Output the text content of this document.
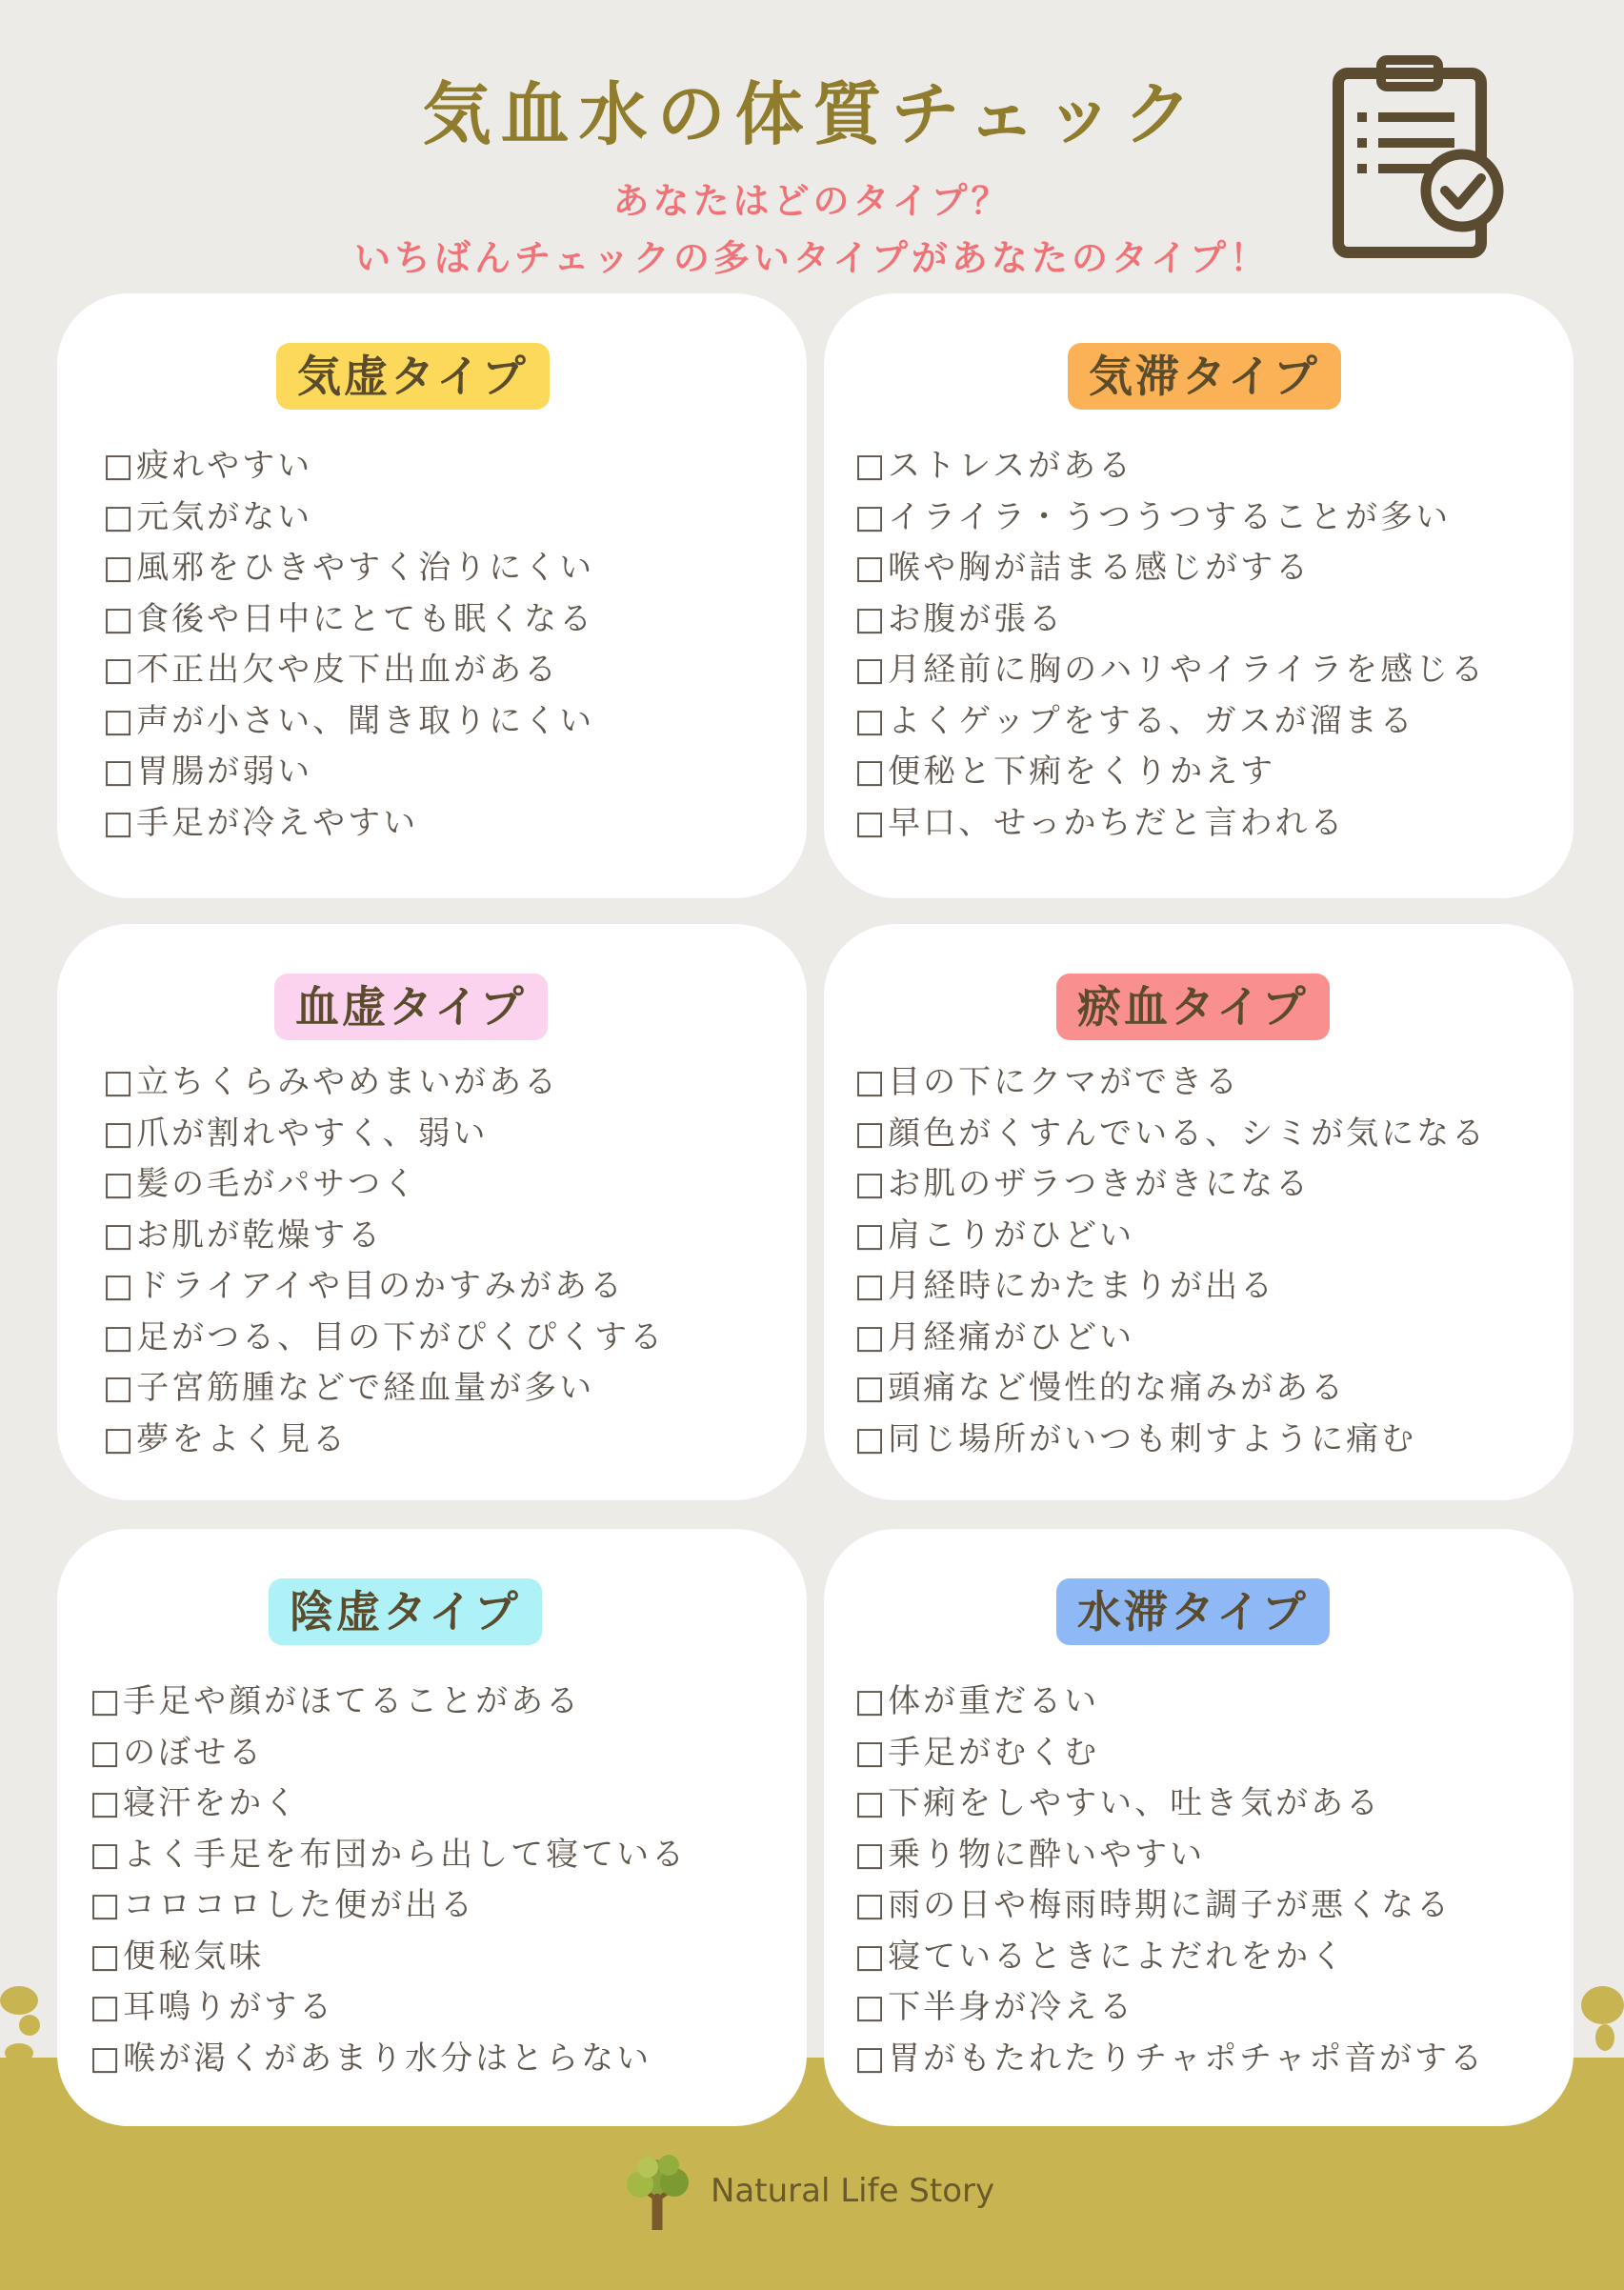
気血水の体質チェック
あなたはどのタイプ？
いちばんチェックの多いタイプがあなたのタイプ！
気虚タイプ
□疲れやすい
□元気がない
□風邪をひきやすく治りにくい
□食後や日中にとても眠くなる
□不正出欠や皮下出血がある
□声が小さい、聞き取りにくい
□胃腸が弱い
□手足が冷えやすい
気滞タイプ
□ストレスがある
□イライラ・うつうつすることが多い
□喉や胸が詰まる感じがする
□お腹が張る
□月経前に胸のハリやイライラを感じる
□よくゲップをする、ガスが溜まる
□便秘と下痢をくりかえす
□早口、せっかちだと言われる
血虚タイプ
□立ちくらみやめまいがある
□爪が割れやすく、弱い
□髪の毛がパサつく
□お肌が乾燥する
□ドライアイや目のかすみがある
□足がつる、目の下がぴくぴくする
□子宮筋腫などで経血量が多い
□夢をよく見る
瘀血タイプ
□目の下にクマができる
□顔色がくすんでいる、シミが気になる
□お肌のザラつきがきになる
□肩こりがひどい
□月経時にかたまりが出る
□月経痛がひどい
□頭痛など慢性的な痛みがある
□同じ場所がいつも刺すように痛む
陰虚タイプ
□手足や顔がほてることがある
□のぼせる
□寝汗をかく
□よく手足を布団から出して寝ている
□コロコロした便が出る
□便秘気味
□耳鳴りがする
□喉が渇くがあまり水分はとらない
水滞タイプ
□体が重だるい
□手足がむくむ
□下痢をしやすい、吐き気がある
□乗り物に酔いやすい
□雨の日や梅雨時期に調子が悪くなる
□寝ているときによだれをかく
□下半身が冷える
□胃がもたれたりチャポチャポ音がする
Natural Life Story
